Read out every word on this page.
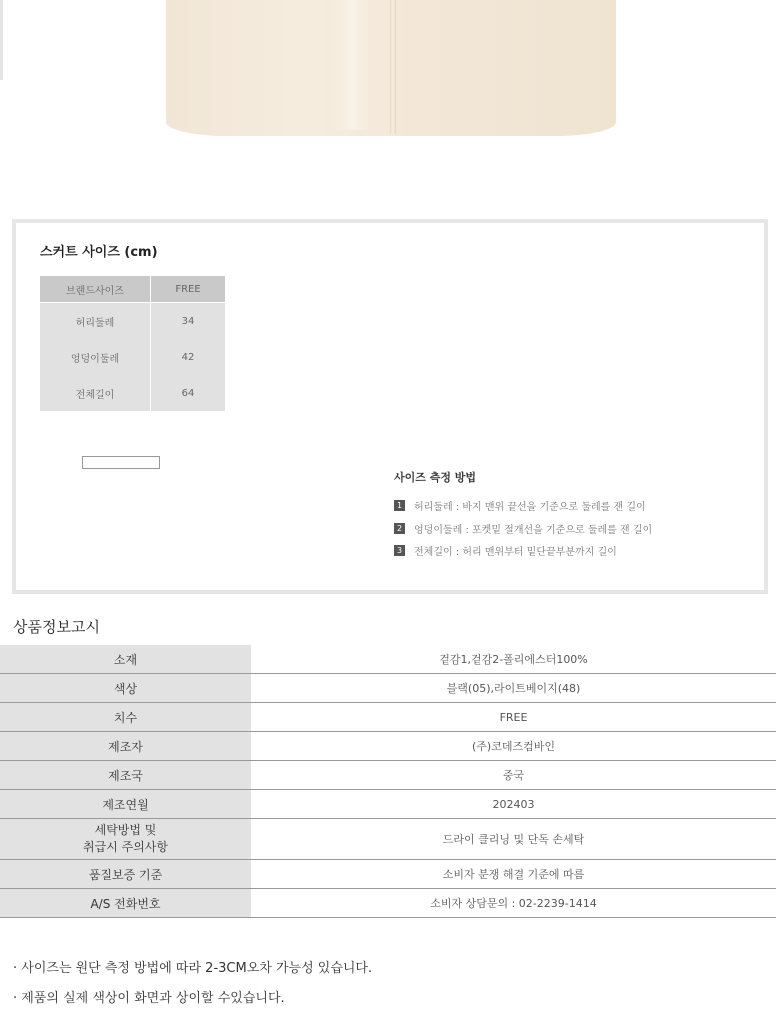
스커트 사이즈 (cm)
브랜드사이즈	FREE
허리둘레	34
엉덩이둘레	42
전체길이	64
사이즈 측정 방법
1 허리둘레 : 바지 맨위 끝선을 기준으로 둘레를 잰 길이
2 엉덩이둘레 : 포켓밑 절개선을 기준으로 둘레를 잰 길이
3 전체길이 : 허리 맨위부터 밑단끝부분까지 길이
상품정보고시
소재	겉감1,겉감2-폴리에스터100%
색상	블랙(05),라이트베이지(48)
치수	FREE
제조자	(주)코데즈컴바인
제조국	중국
제조연월	202403
세탁방법 및
취급시 주의사항	드라이 클리닝 및 단독 손세탁
품질보증 기준	소비자 분쟁 해결 기준에 따름
A/S 전화번호	소비자 상담문의 : 02-2239-1414
· 사이즈는 원단 측정 방법에 따라 2-3CM오차 가능성 있습니다.
· 제품의 실제 색상이 화면과 상이할 수있습니다.
